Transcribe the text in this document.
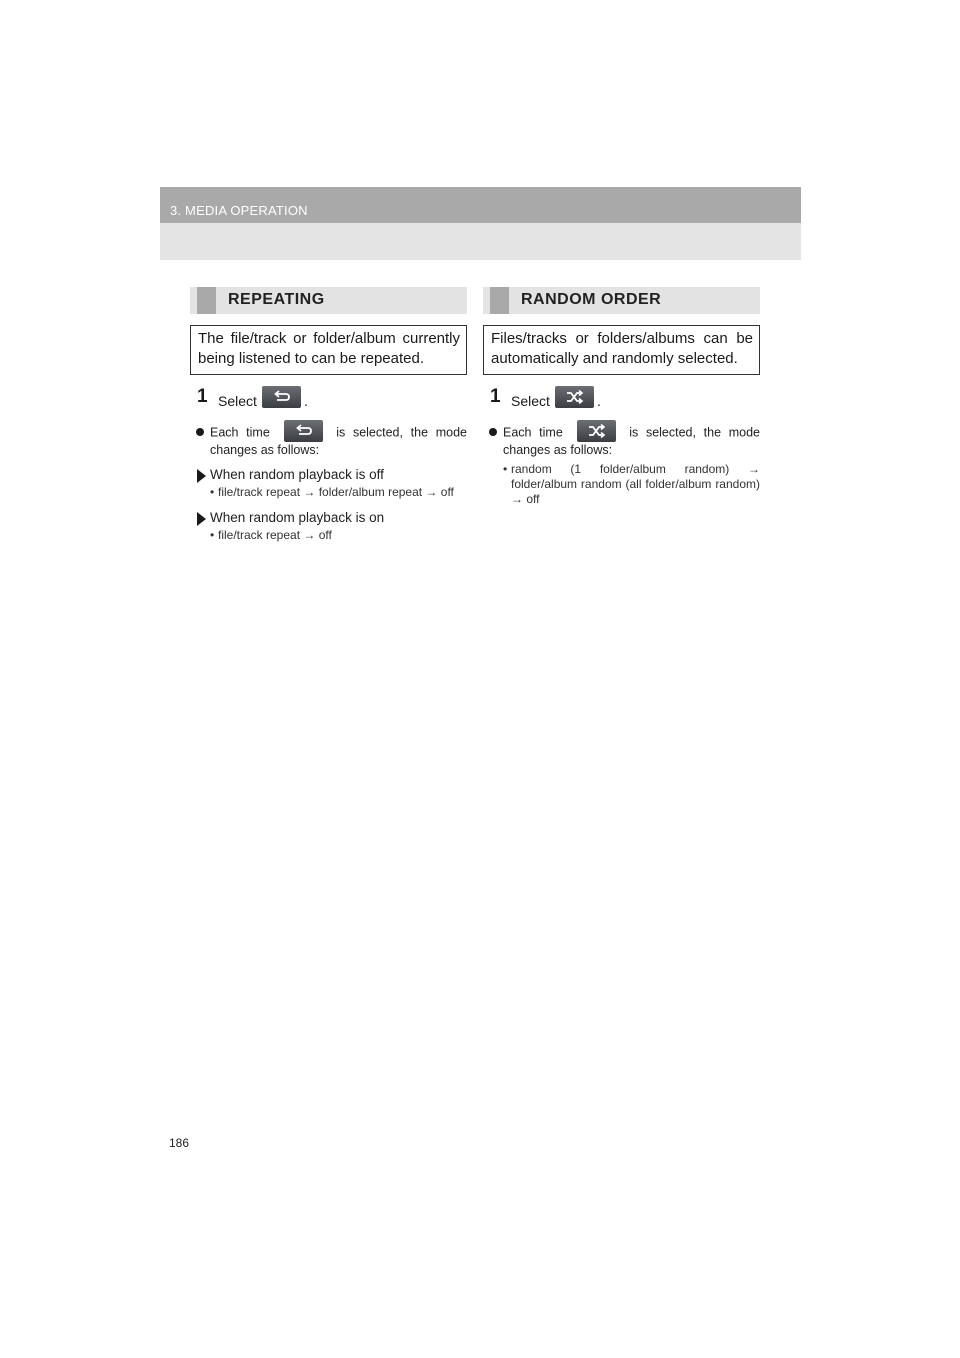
3. MEDIA OPERATION
REPEATING
The file/track or folder/album currently being listened to can be repeated.
1 Select	.
Each time	is selected, the mode changes as follows:
When random playback is off
• file/track repeat → folder/album repeat → off
When random playback is on
• file/track repeat → off
RANDOM ORDER
Files/tracks or folders/albums can be automatically and randomly selected.
1 Select	.
Each time	is selected, the mode changes as follows:
• random (1 folder/album random) → folder/album random (all folder/album random) → off
186
